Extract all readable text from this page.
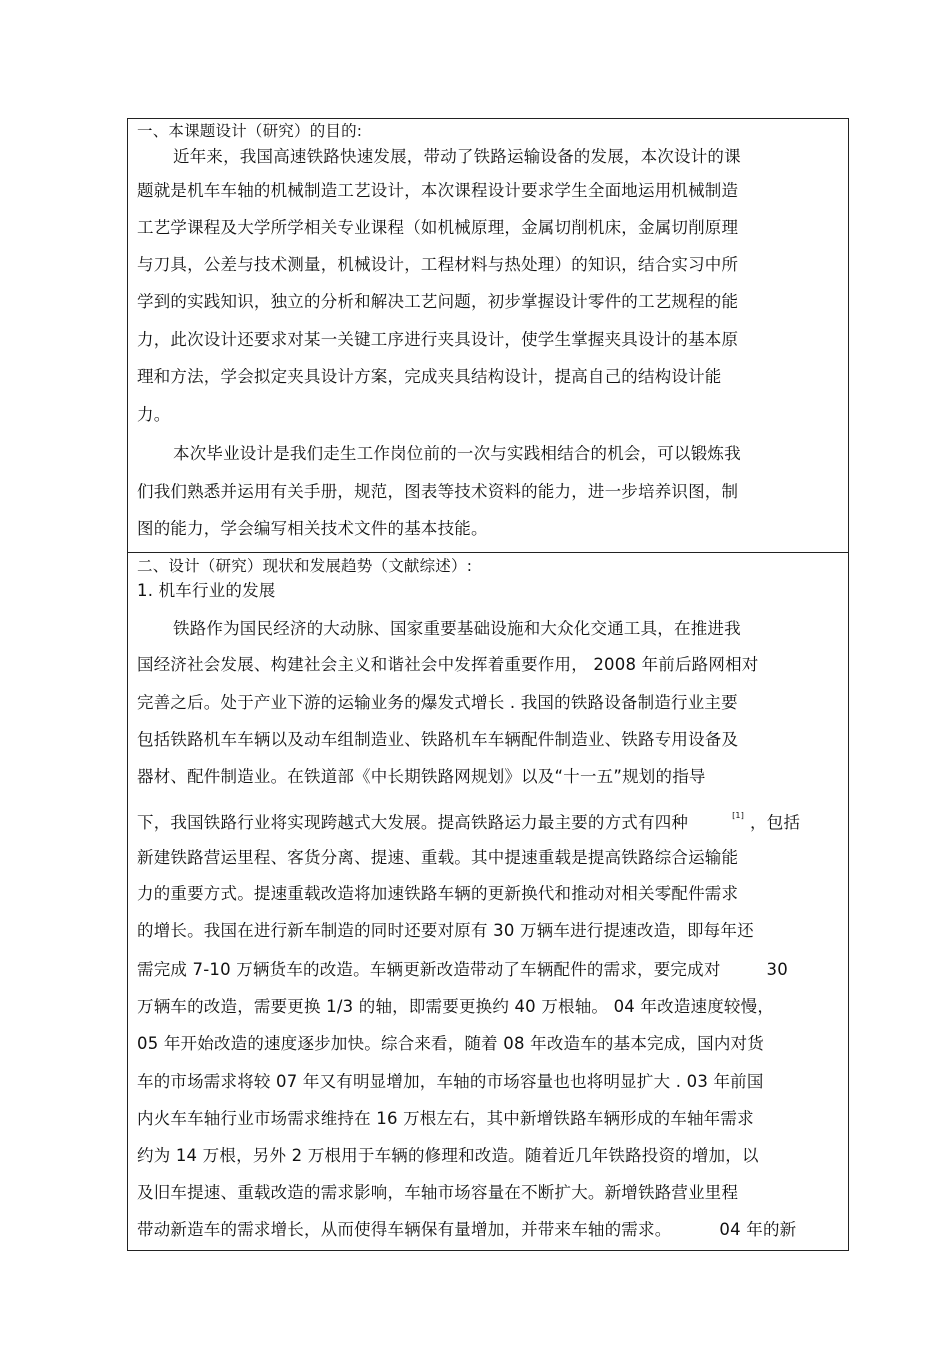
一、本课题设计（研究）的目的:
近年来，我国高速铁路快速发展，带动了铁路运输设备的发展，本次设计的课
题就是机车车轴的机械制造工艺设计，本次课程设计要求学生全面地运用机械制造
工艺学课程及大学所学相关专业课程（如机械原理，金属切削机床，金属切削原理
与刀具，公差与技术测量，机械设计，工程材料与热处理）的知识，结合实习中所
学到的实践知识，独立的分析和解决工艺问题，初步掌握设计零件的工艺规程的能
力，此次设计还要求对某一关键工序进行夹具设计，使学生掌握夹具设计的基本原
理和方法，学会拟定夹具设计方案，完成夹具结构设计，提高自己的结构设计能
力。
本次毕业设计是我们走生工作岗位前的一次与实践相结合的机会，可以锻炼我
们我们熟悉并运用有关手册，规范，图表等技术资料的能力，进一步培养识图，制
图的能力，学会编写相关技术文件的基本技能。
二、设计（研究）现状和发展趋势（文献综述）:
1. 机车行业的发展
铁路作为国民经济的大动脉、国家重要基础设施和大众化交通工具，在推进我
国经济社会发展、构建社会主义和谐社会中发挥着重要作用， 2008 年前后路网相对
完善之后。处于产业下游的运输业务的爆发式增长 . 我国的铁路设备制造行业主要
包括铁路机车车辆以及动车组制造业、铁路机车车辆配件制造业、铁路专用设备及
器材、配件制造业。在铁道部《中长期铁路网规划》以及“十一五”规划的指导
下，我国铁路行业将实现跨越式大发展。提高铁路运力最主要的方式有四种	[1] ，包括
新建铁路营运里程、客货分离、提速、重载。其中提速重载是提高铁路综合运输能
力的重要方式。提速重载改造将加速铁路车辆的更新换代和推动对相关零配件需求
的增长。我国在进行新车制造的同时还要对原有 30 万辆车进行提速改造，即每年还
需完成 7-10 万辆货车的改造。车辆更新改造带动了车辆配件的需求，要完成对	30
万辆车的改造，需要更换 1/3 的轴，即需要更换约 40 万根轴。 04 年改造速度较慢，
05 年开始改造的速度逐步加快。综合来看，随着 08 年改造车的基本完成，国内对货
车的市场需求将较 07 年又有明显增加，车轴的市场容量也也将明显扩大 . 03 年前国
内火车车轴行业市场需求维持在 16 万根左右，其中新增铁路车辆形成的车轴年需求
约为 14 万根，另外 2 万根用于车辆的修理和改造。随着近几年铁路投资的增加，以
及旧车提速、重载改造的需求影响，车轴市场容量在不断扩大。新增铁路营业里程
带动新造车的需求增长，从而使得车辆保有量增加，并带来车轴的需求。	04 年的新
